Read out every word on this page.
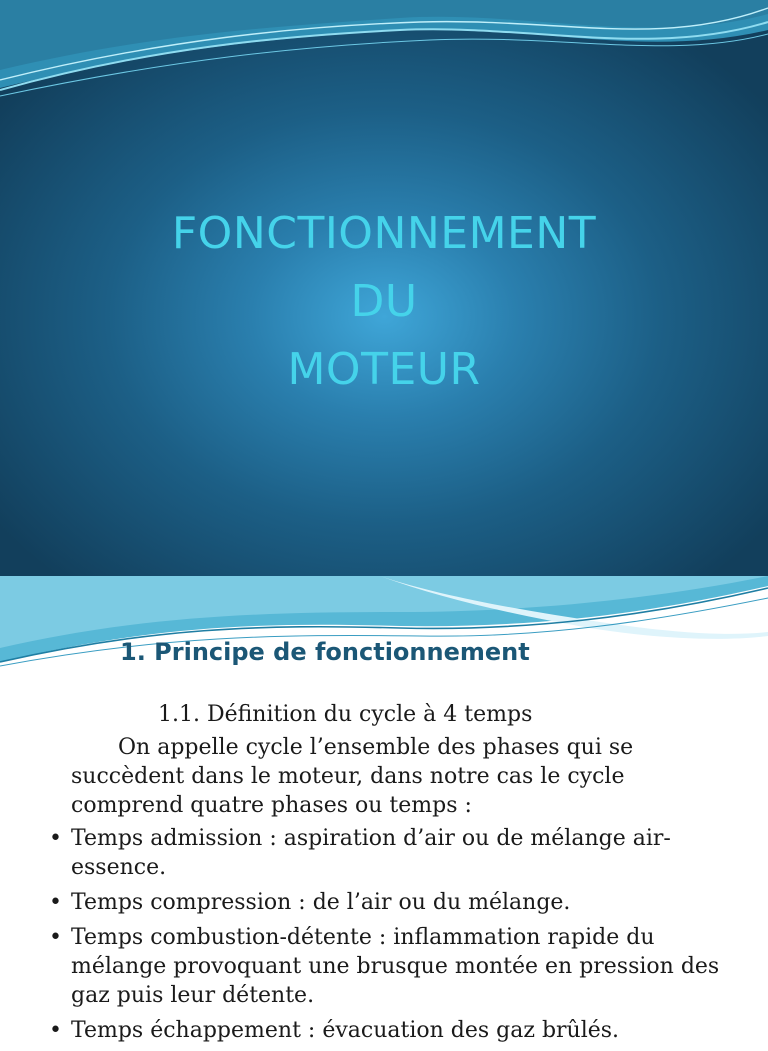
FONCTIONNEMENT
DU
MOTEUR
1. Principe de fonctionnement
1.1. Définition du cycle à 4 temps
On appelle cycle l’ensemble des phases qui se succèdent dans le moteur, dans notre cas le cycle comprend quatre phases ou temps :
• Temps admission : aspiration d’air ou de mélange air-essence.
• Temps compression : de l’air ou du mélange.
• Temps combustion-détente : inflammation rapide du mélange provoquant une brusque montée en pression des gaz puis leur détente.
• Temps échappement : évacuation des gaz brûlés.
